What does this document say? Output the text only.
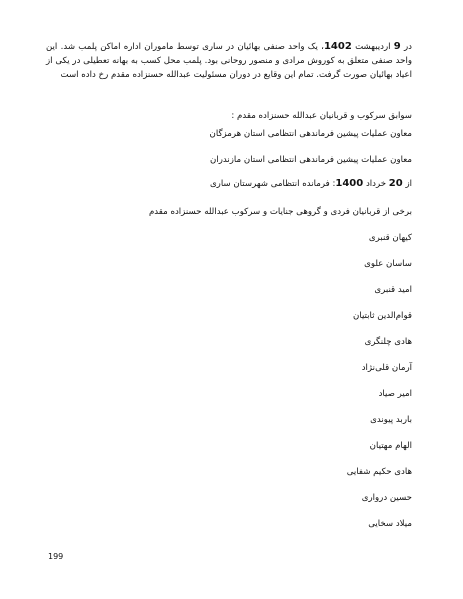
در 9 اردیبهشت 1402، یک واحد صنفی بهائیان در ساری توسط ماموران اداره اماکن پلمب شد. این واحد صنفی متعلق به کوروش مرادی و منصور روحانی بود. پلمب محل کسب به بهانه تعطیلی در یکی از اعیاد بهائیان صورت گرفت. تمام این وقایع در دوران مسئولیت عبدالله حسنزاده مقدم رخ داده است
سوابق سرکوب و قربانیان عبدالله حسنزاده مقدم :
معاون عملیات پیشین فرماندهی انتظامی استان هرمزگان
معاون عملیات پیشین فرماندهی انتظامی استان مازندران
از 20 خرداد 1400: فرمانده انتظامی شهرستان ساری
برخی از قربانیان فردی و گروهی جنایات و سرکوب عبدالله حسنزاده مقدم
کیهان قنبری
ساسان علوی
امید قنبری
قوام‌الدین ثابتیان
هادی چلنگری
آرمان قلی‌نژاد
امیر صیاد
باربد پیوندی
الهام مهتیان
هادی حکیم شفایی
حسین درواری
میلاد سخایی
199
